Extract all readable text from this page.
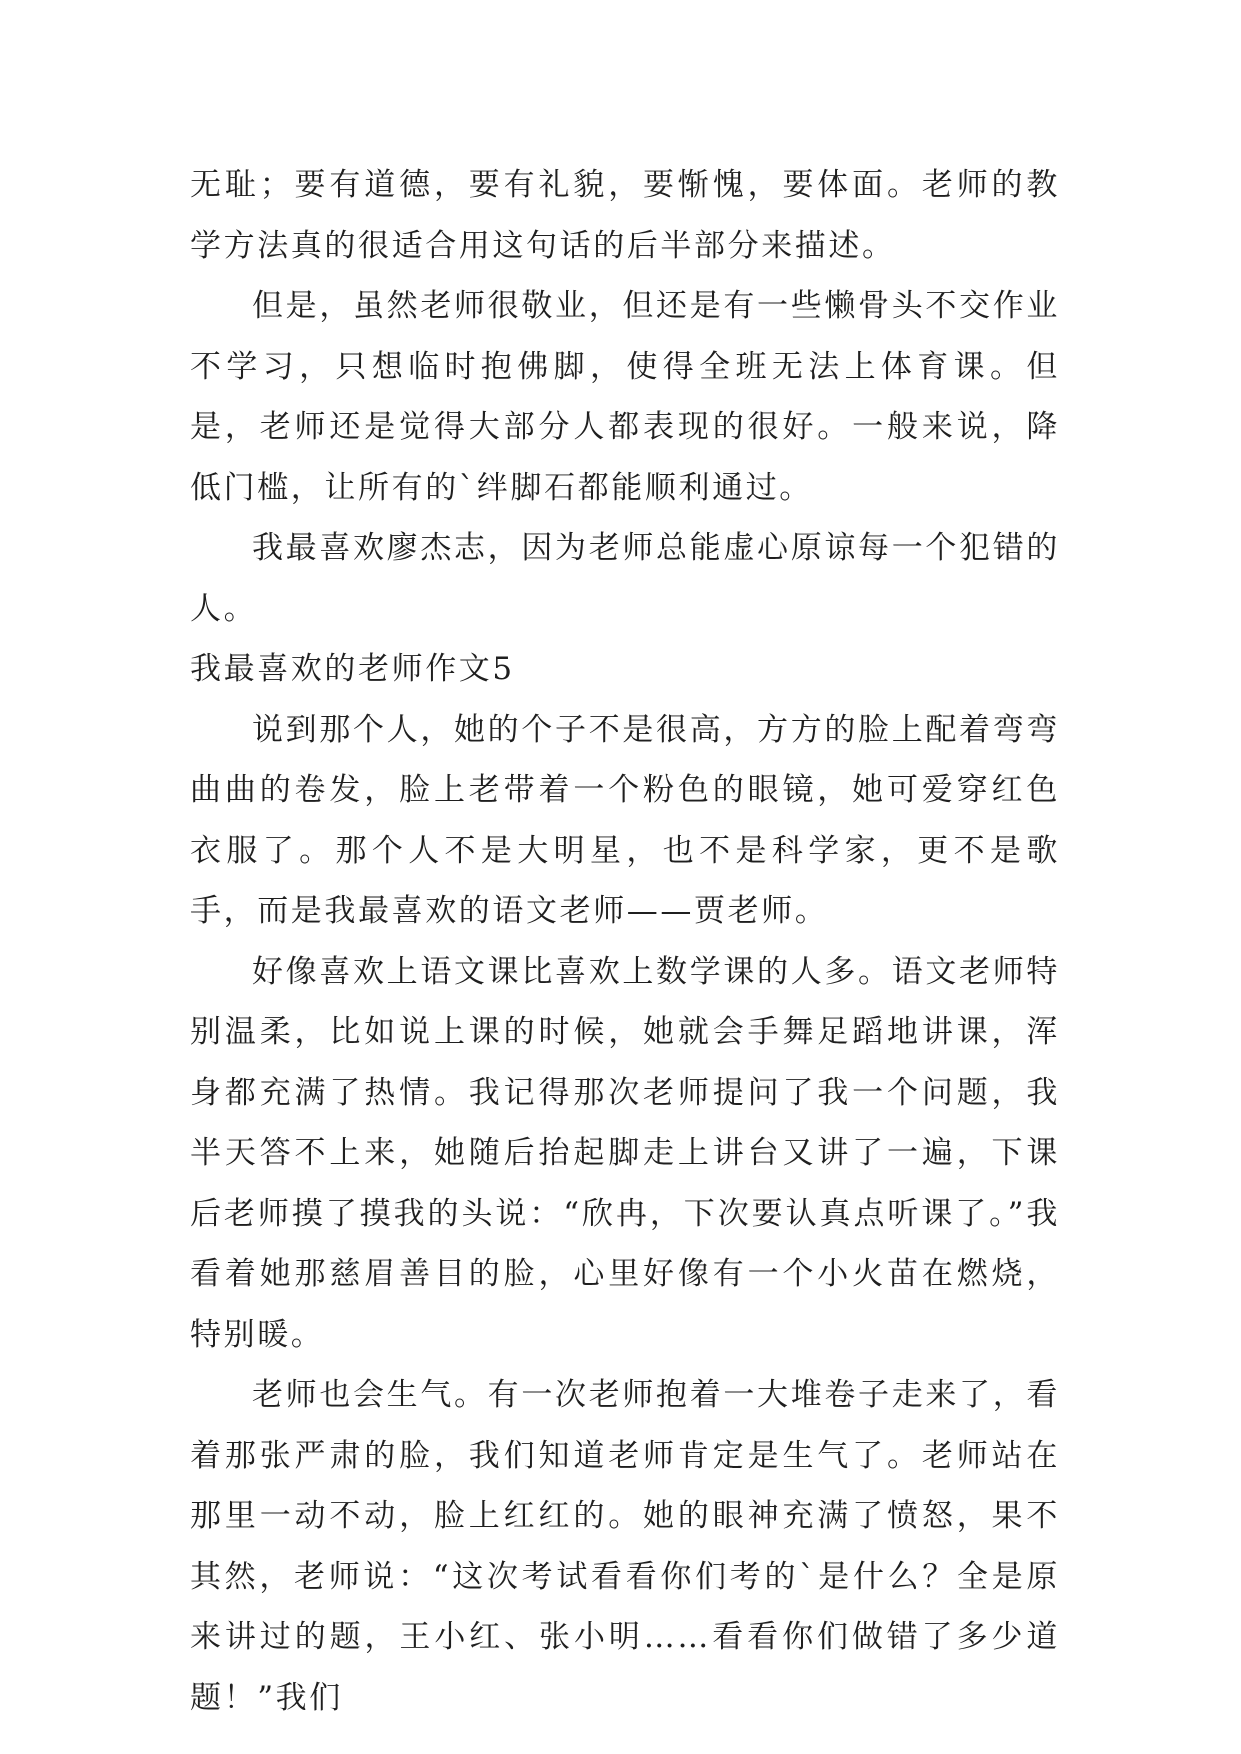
无耻；要有道德，要有礼貌，要惭愧，要体面。老师的教学方法真的很适合用这句话的后半部分来描述。

但是，虽然老师很敬业，但还是有一些懒骨头不交作业不学习，只想临时抱佛脚，使得全班无法上体育课。但是，老师还是觉得大部分人都表现的很好。一般来说，降低门槛，让所有的`绊脚石都能顺利通过。

我最喜欢廖杰志，因为老师总能虚心原谅每一个犯错的人。

我最喜欢的老师作文5

说到那个人，她的个子不是很高，方方的脸上配着弯弯曲曲的卷发，脸上老带着一个粉色的眼镜，她可爱穿红色衣服了。那个人不是大明星，也不是科学家，更不是歌手，而是我最喜欢的语文老师——贾老师。

好像喜欢上语文课比喜欢上数学课的人多。语文老师特别温柔，比如说上课的时候，她就会手舞足蹈地讲课，浑身都充满了热情。我记得那次老师提问了我一个问题，我半天答不上来，她随后抬起脚走上讲台又讲了一遍，下课后老师摸了摸我的头说：“欣冉，下次要认真点听课了。”我看着她那慈眉善目的脸，心里好像有一个小火苗在燃烧，特别暖。

老师也会生气。有一次老师抱着一大堆卷子走来了，看着那张严肃的脸，我们知道老师肯定是生气了。老师站在那里一动不动，脸上红红的。她的眼神充满了愤怒，果不其然，老师说：“这次考试看看你们考的`是什么？全是原来讲过的题，王小红、张小明……看看你们做错了多少道题！”我们
